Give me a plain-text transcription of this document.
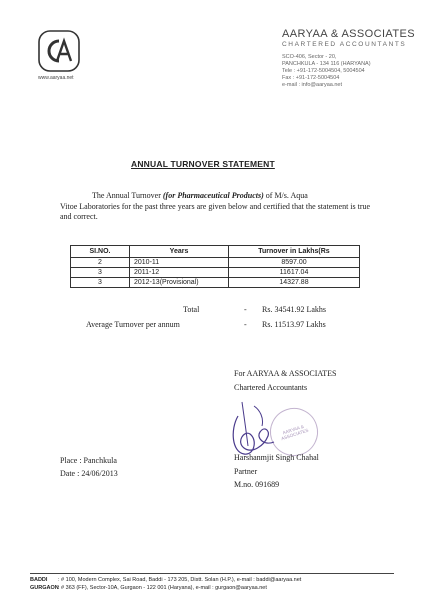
www.aaryaa.net
AARYAA & ASSOCIATES
CHARTERED ACCOUNTANTS
SCO-406, Sector - 20,
PANCHKULA - 134 116 (HARYANA)
Tele : +91-172-5004504, 5004504
Fax : +91-172-5004504
e-mail : info@aaryaa.net
ANNUAL TURNOVER STATEMENT
The Annual Turnover (for Pharmaceutical Products) of M/s. Aqua
Vitoe Laboratories for the past three years are given below and certified that the statement is true and correct.
SI.NO.	Years	Turnover in Lakhs(Rs
2	2010-11	8597.00
3	2011-12	11617.04
3	2012-13(Provisional)	14327.88
Total	- Rs. 34541.92 Lakhs
Average Turnover per annum	- Rs. 11513.97 Lakhs
For AARYAA & ASSOCIATES
Chartered Accountants
AARYAA & ASSOCIATES
Place : Panchkula
Date : 24/06/2013
Harshanmjit Singh Chahal
Partner
M.no. 091689
BADDI : # 100, Modern Complex, Sai Road, Baddi - 173 205, Distt. Solan (H.P.), e-mail : baddi@aaryaa.net
GURGAON: # 363 (FF), Sector-10A, Gurgaon - 122 001 (Haryana), e-mail : gurgaon@aaryaa.net
